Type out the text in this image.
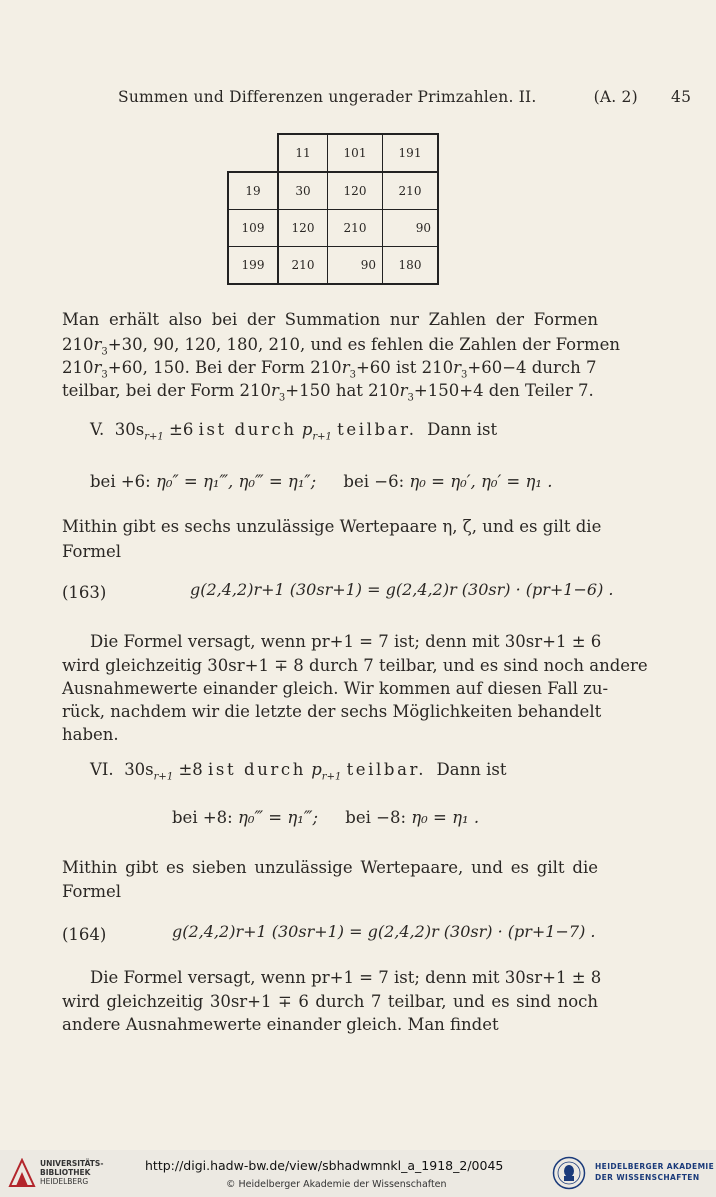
Summen und Differenzen ungerader Primzahlen. II.	(A. 2) 45
	11	101	191
19	30	120	210
109	120	210	90
199	210	90	180
Man erhält also bei der Summation nur Zahlen der Formen
$210r_3+30$, 90, 120, 180, 210, und es fehlen die Zahlen der Formen
$210r_3+60$, 150. Bei der Form $210r_3+60$ ist $210r_3+60-4$ durch 7
teilbar, bei der Form $210r_3+150$ hat $210r_3+150+4$ den Teiler 7.
V. $30s_{r+1} \pm 6$ ist durch $p_{r+1}$ teilbar. Dann ist
bei +6: η₀″ = η₁‴, η₀‴ = η₁″; bei −6: η₀ = η₀′, η₀′ = η₁ .
Mithin gibt es sechs unzulässige Wertepaare η, ζ, und es gilt die
Formel
(163)	g(2,4,2)r+1 (30sr+1) = g(2,4,2)r (30sr) · (pr+1−6) .
Die Formel versagt, wenn pr+1 = 7 ist; denn mit 30sr+1 ± 6
wird gleichzeitig 30sr+1 ∓ 8 durch 7 teilbar, und es sind noch andere
Ausnahmewerte einander gleich. Wir kommen auf diesen Fall zu-
rück, nachdem wir die letzte der sechs Möglichkeiten behandelt
haben.
VI. $30s_{r+1} \pm 8$ ist durch $p_{r+1}$ teilbar. Dann ist
bei +8: η₀‴ = η₁‴; bei −8: η₀ = η₁ .
Mithin gibt es sieben unzulässige Wertepaare, und es gilt die
Formel
(164)	g(2,4,2)r+1 (30sr+1) = g(2,4,2)r (30sr) · (pr+1−7) .
Die Formel versagt, wenn pr+1 = 7 ist; denn mit 30sr+1 ± 8
wird gleichzeitig 30sr+1 ∓ 6 durch 7 teilbar, und es sind noch
andere Ausnahmewerte einander gleich. Man findet
UNIVERSITÄTS-
BIBLIOTHEK
HEIDELBERG
http://digi.hadw-bw.de/view/sbhadwmnkl_a_1918_2/0045
© Heidelberger Akademie der Wissenschaften
HEIDELBERGER AKADEMIE
DER WISSENSCHAFTEN
